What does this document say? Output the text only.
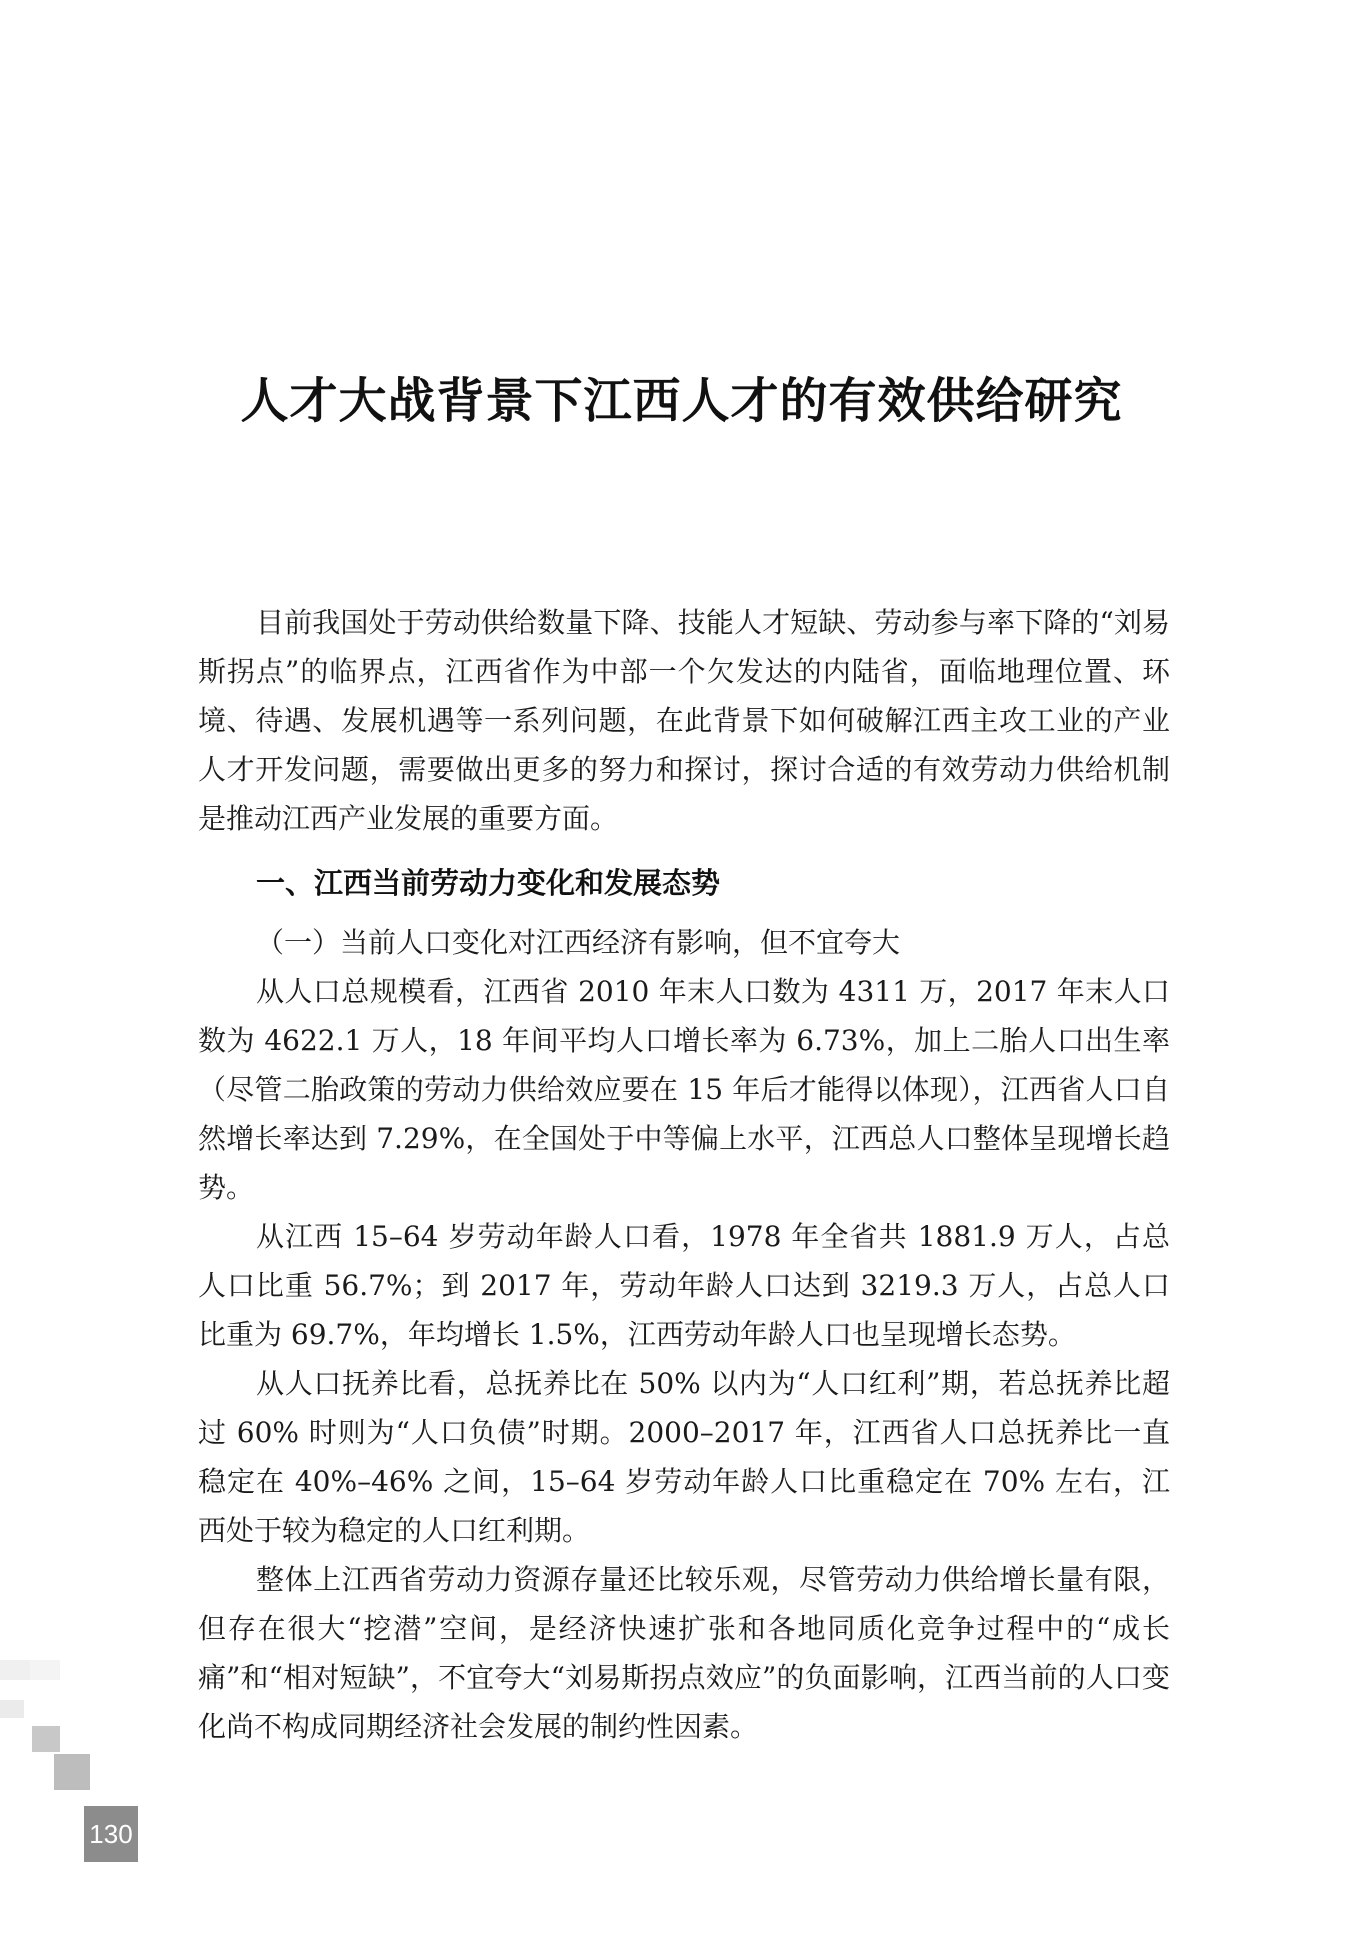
人才大战背景下江西人才的有效供给研究

目前我国处于劳动供给数量下降、技能人才短缺、劳动参与率下降的“刘易斯拐点”的临界点，江西省作为中部一个欠发达的内陆省，面临地理位置、环境、待遇、发展机遇等一系列问题，在此背景下如何破解江西主攻工业的产业人才开发问题，需要做出更多的努力和探讨，探讨合适的有效劳动力供给机制是推动江西产业发展的重要方面。

一、江西当前劳动力变化和发展态势
（一）当前人口变化对江西经济有影响，但不宜夸大

从人口总规模看，江西省 2010 年末人口数为 4311 万，2017 年末人口数为 4622.1 万人，18 年间平均人口增长率为 6.73%，加上二胎人口出生率（尽管二胎政策的劳动力供给效应要在 15 年后才能得以体现），江西省人口自然增长率达到 7.29%，在全国处于中等偏上水平，江西总人口整体呈现增长趋势。

从江西 15–64 岁劳动年龄人口看，1978 年全省共 1881.9 万人，占总人口比重 56.7%；到 2017 年，劳动年龄人口达到 3219.3 万人，占总人口比重为 69.7%，年均增长 1.5%，江西劳动年龄人口也呈现增长态势。

从人口抚养比看，总抚养比在 50% 以内为“人口红利”期，若总抚养比超过 60% 时则为“人口负债”时期。2000–2017 年，江西省人口总抚养比一直稳定在 40%–46% 之间，15–64 岁劳动年龄人口比重稳定在 70% 左右，江西处于较为稳定的人口红利期。

整体上江西省劳动力资源存量还比较乐观，尽管劳动力供给增长量有限，但存在很大“挖潜”空间，是经济快速扩张和各地同质化竞争过程中的“成长痛”和“相对短缺”，不宜夸大“刘易斯拐点效应”的负面影响，江西当前的人口变化尚不构成同期经济社会发展的制约性因素。

130
